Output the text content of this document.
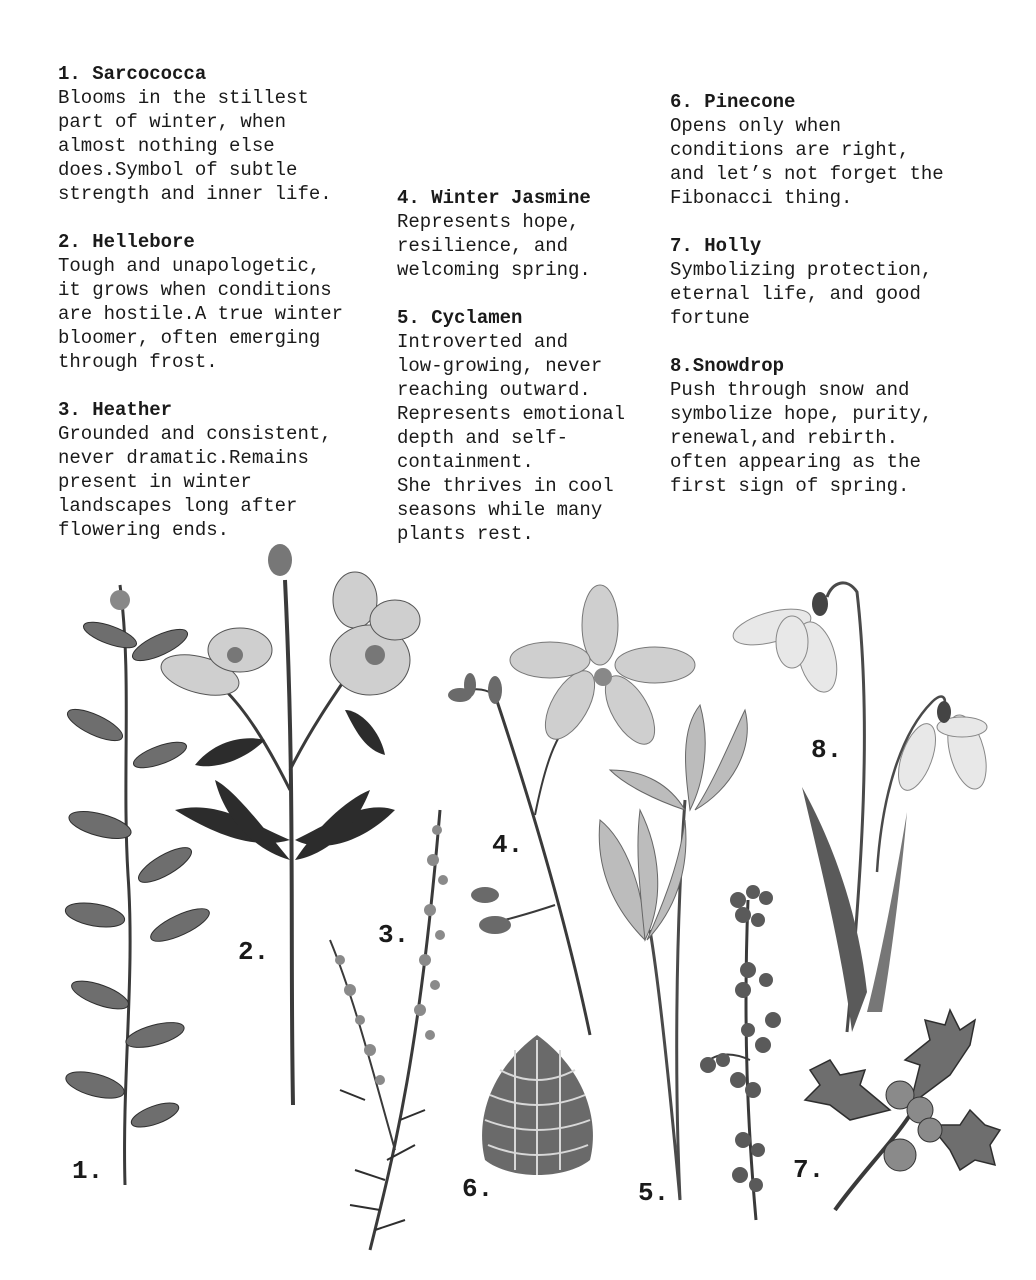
1. Sarcococca
Blooms in the stillest
part of winter, when
almost nothing else
does.Symbol of subtle
strength and inner life.
2. Hellebore
Tough and unapologetic,
it grows when conditions
are hostile.A true winter
bloomer, often emerging
through frost.
3. Heather
Grounded and consistent,
never dramatic.Remains
present in winter
landscapes long after
flowering ends.
4. Winter Jasmine
Represents hope,
resilience, and
welcoming spring.
5. Cyclamen
Introverted and
low-growing, never
reaching outward.
Represents emotional
depth and self-
containment.
She thrives in cool
seasons while many
plants rest.
6. Pinecone
Opens only when
conditions are right,
and let’s not forget the
Fibonacci thing.
7. Holly
Symbolizing protection,
eternal life, and good
fortune
8.Snowdrop
Push through snow and
symbolize hope, purity,
renewal,and rebirth.
often appearing as the
first sign of spring.
1.
2.
3.
4.
5.
6.
7.
8.
